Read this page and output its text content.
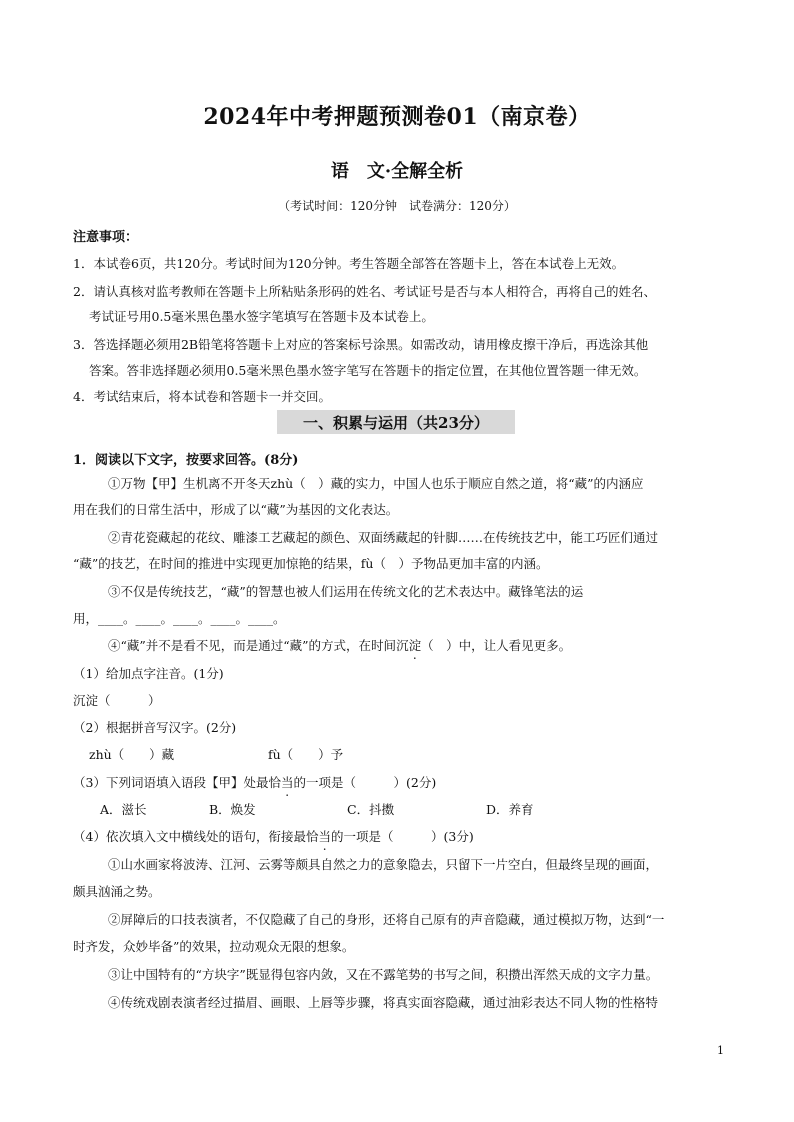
2024年中考押题预测卷01（南京卷）
语　文·全解全析
（考试时间：120分钟　试卷满分：120分）
注意事项：
1．本试卷6页，共120分。考试时间为120分钟。考生答题全部答在答题卡上，答在本试卷上无效。
2．请认真核对监考教师在答题卡上所粘贴条形码的姓名、考试证号是否与本人相符合，再将自己的姓名、
考试证号用0.5毫米黑色墨水签字笔填写在答题卡及本试卷上。
3．答选择题必须用2B铅笔将答题卡上对应的答案标号涂黑。如需改动，请用橡皮擦干净后，再选涂其他
答案。答非选择题必须用0.5毫米黑色墨水签字笔写在答题卡的指定位置，在其他位置答题一律无效。
4．考试结束后，将本试卷和答题卡一并交回。
一、积累与运用（共23分）
1．阅读以下文字，按要求回答。(8分)
①万物【甲】生机离不开冬天zhù（　）藏的实力，中国人也乐于顺应自然之道，将“藏”的内涵应
用在我们的日常生活中，形成了以“藏”为基因的文化表达。
②青花瓷藏起的花纹、雕漆工艺藏起的颜色、双面绣藏起的针脚……在传统技艺中，能工巧匠们通过
“藏”的技艺，在时间的推进中实现更加惊艳的结果，fù（　）予物品更加丰富的内涵。
③不仅是传统技艺，“藏”的智慧也被人们运用在传统文化的艺术表达中。藏锋笔法的运
用，____。____。____。____。____。
④“藏”并不是看不见，而是通过“藏”的方式，在时间沉淀（　）中，让人看见更多。
（1）给加点字注音。(1分)
沉淀（　　　）
（2）根据拼音写汉字。(2分)
zhù（　　）藏	fù（　　）予
（3）下列词语填入语段【甲】处最恰当的一项是（　　　）(2分)
A．滋长	B．焕发	C．抖擞	D．养育
（4）依次填入文中横线处的语句，衔接最恰当的一项是（　　　）(3分)
①山水画家将波涛、江河、云雾等颇具自然之力的意象隐去，只留下一片空白，但最终呈现的画面，
颇具汹涌之势。
②屏障后的口技表演者，不仅隐藏了自己的身形，还将自己原有的声音隐藏，通过模拟万物，达到“一
时齐发，众妙毕备”的效果，拉动观众无限的想象。
③让中国特有的“方块字”既显得包容内敛，又在不露笔势的书写之间，积攒出浑然天成的文字力量。
④传统戏剧表演者经过描眉、画眼、上唇等步骤，将真实面容隐藏，通过油彩表达不同人物的性格特
1
